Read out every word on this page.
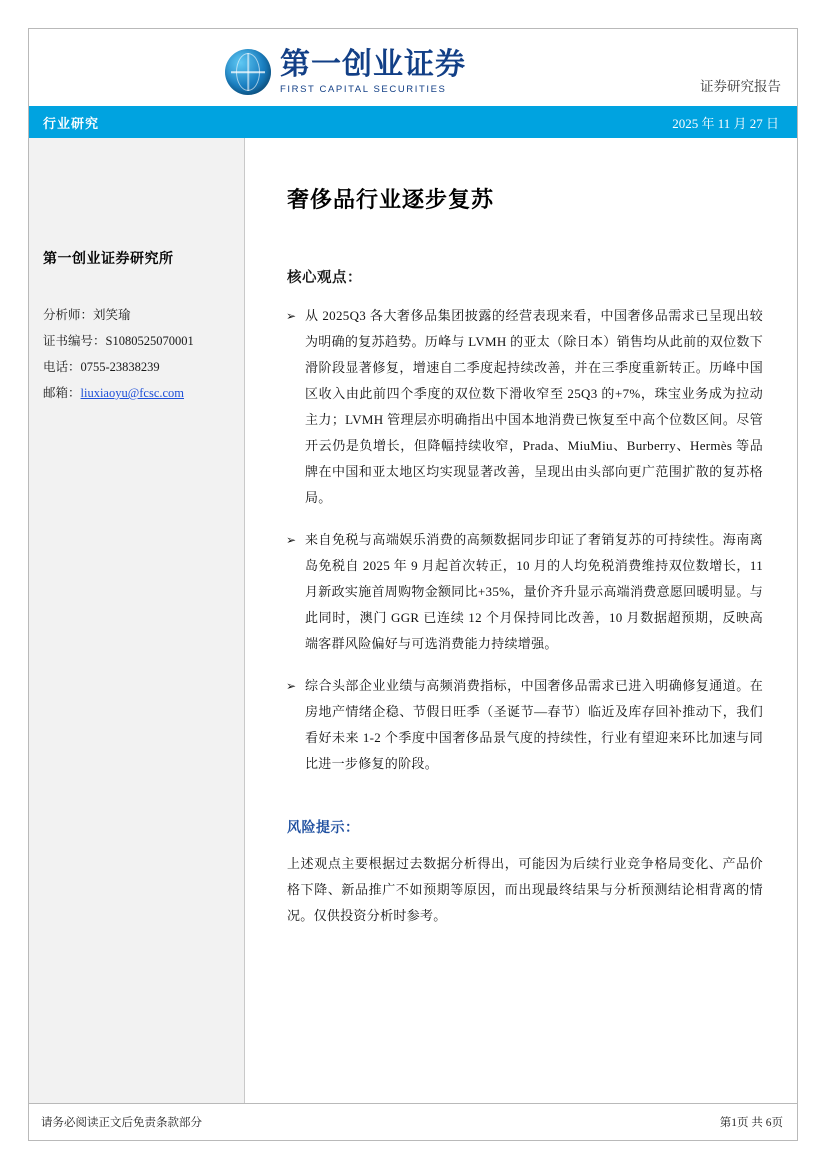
第一创业证券
FIRST CAPITAL SECURITIES	证券研究报告
行业研究	2025 年 11 月 27 日
第一创业证券研究所
分析师：刘笑瑜
证书编号：S1080525070001
电话：0755-23838239
邮箱：liuxiaoyu@fcsc.com
奢侈品行业逐步复苏
核心观点：
➢ 从 2025Q3 各大奢侈品集团披露的经营表现来看，中国奢侈品需求已呈现出较为明确的复苏趋势。历峰与 LVMH 的亚太（除日本）销售均从此前的双位数下滑阶段显著修复，增速自二季度起持续改善，并在三季度重新转正。历峰中国区收入由此前四个季度的双位数下滑收窄至 25Q3 的+7%，珠宝业务成为拉动主力；LVMH 管理层亦明确指出中国本地消费已恢复至中高个位数区间。尽管开云仍是负增长，但降幅持续收窄，Prada、MiuMiu、Burberry、Hermès 等品牌在中国和亚太地区均实现显著改善，呈现出由头部向更广范围扩散的复苏格局。
➢ 来自免税与高端娱乐消费的高频数据同步印证了奢销复苏的可持续性。海南离岛免税自 2025 年 9 月起首次转正，10 月的人均免税消费维持双位数增长，11 月新政实施首周购物金额同比+35%，量价齐升显示高端消费意愿回暖明显。与此同时，澳门 GGR 已连续 12 个月保持同比改善，10 月数据超预期，反映高端客群风险偏好与可选消费能力持续增强。
➢ 综合头部企业业绩与高频消费指标，中国奢侈品需求已进入明确修复通道。在房地产情绪企稳、节假日旺季（圣诞节—春节）临近及库存回补推动下，我们看好未来 1-2 个季度中国奢侈品景气度的持续性，行业有望迎来环比加速与同比进一步修复的阶段。
风险提示：
上述观点主要根据过去数据分析得出，可能因为后续行业竞争格局变化、产品价格下降、新品推广不如预期等原因，而出现最终结果与分析预测结论相背离的情况。仅供投资分析时参考。
请务必阅读正文后免责条款部分	第1页 共 6页
